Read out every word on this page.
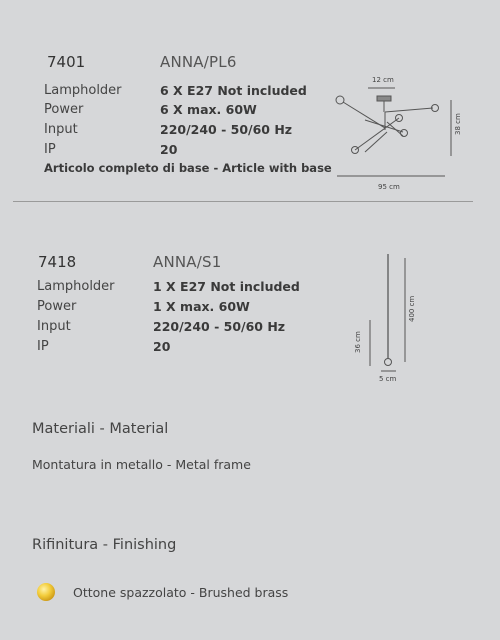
7401	ANNA/PL6
Lampholder	6 X E27 Not included
Power	6 X max. 60W
Input	220/240 - 50/60 Hz
IP	20
Articolo completo di base - Article with base
12 cm
38 cm
95 cm
7418	ANNA/S1
Lampholder	1 X E27 Not included
Power	1 X max. 60W
Input	220/240 - 50/60 Hz
IP	20
400 cm
36 cm
5 cm
Materiali - Material
Montatura in metallo - Metal frame
Rifinitura - Finishing
Ottone spazzolato - Brushed brass
